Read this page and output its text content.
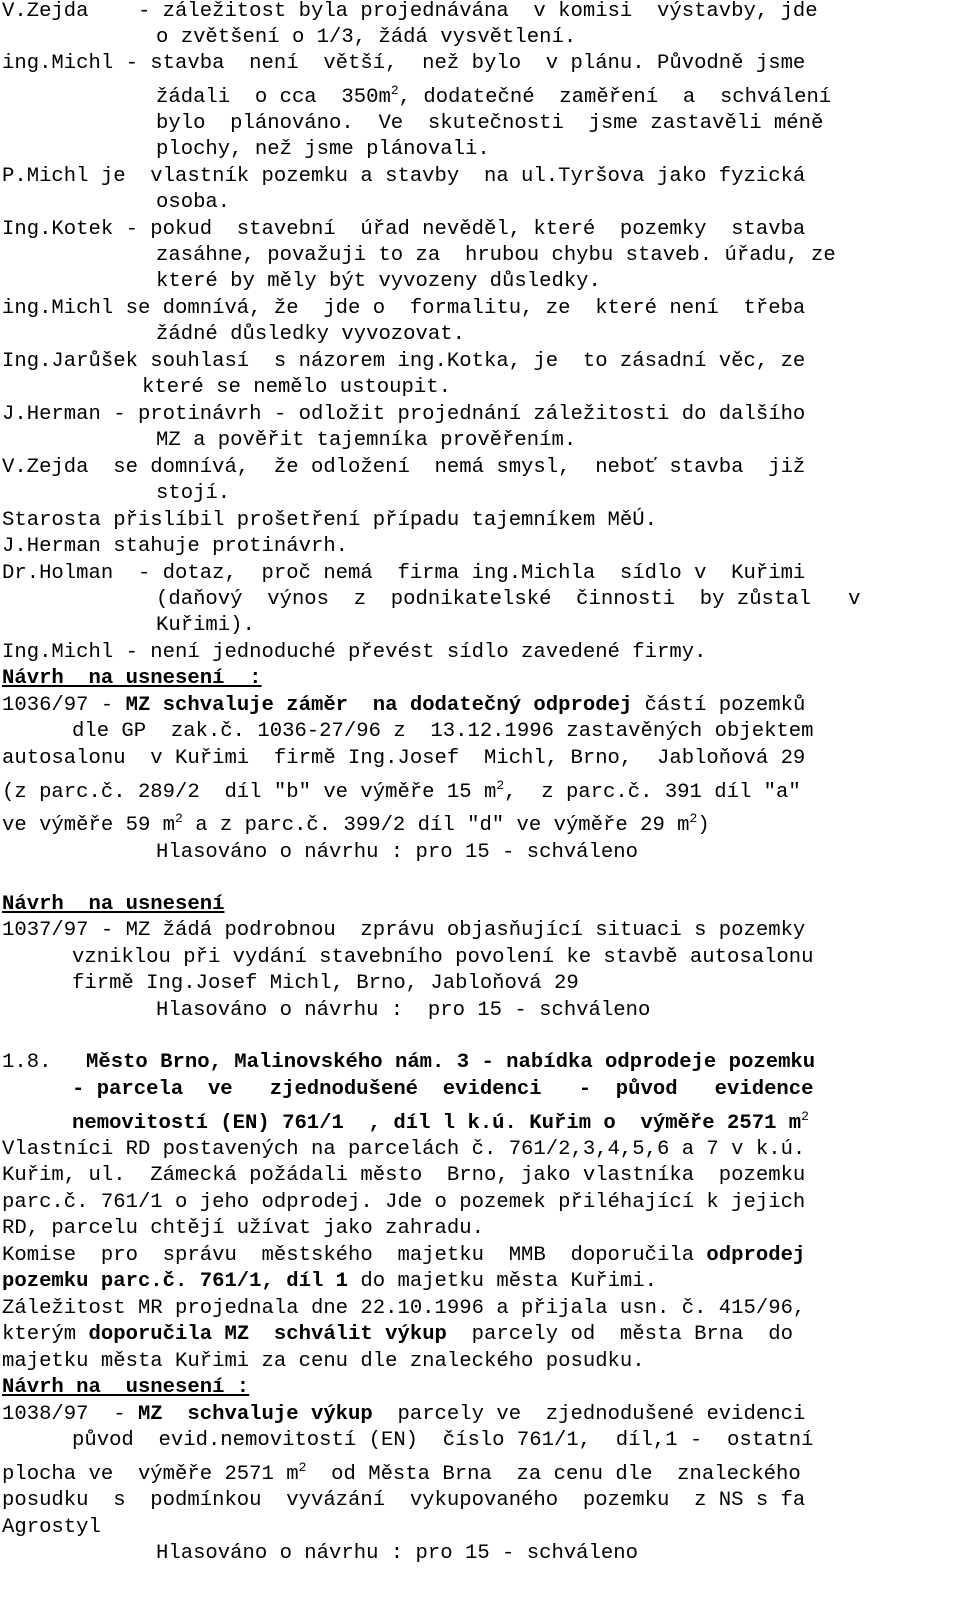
V.Zejda    - záležitost byla projednávána  v komisi  výstavby, jde
o zvětšení o 1/3, žádá vysvětlení.
ing.Michl - stavba  není  větší,  než bylo  v plánu. Původně jsme
žádali  o cca  $350m^2$, dodatečné  zaměření  a  schválení
bylo  plánováno.  Ve  skutečnosti  jsme zastavěli méně
plochy, než jsme plánovali.
P.Michl je  vlastník pozemku a stavby  na ul.Tyršova jako fyzická
osoba.
Ing.Kotek - pokud  stavební  úřad nevěděl, které  pozemky  stavba
zasáhne, považuji to za  hrubou chybu staveb. úřadu, ze
které by měly být vyvozeny důsledky.
ing.Michl se domnívá, že  jde o  formalitu, ze  které není  třeba
žádné důsledky vyvozovat.
Ing.Jarůšek souhlasí  s názorem ing.Kotka, je  to zásadní věc, ze
které se nemělo ustoupit.
J.Herman - protinávrh - odložit projednání záležitosti do dalšího
MZ a pověřit tajemníka prověřením.
V.Zejda  se domnívá,  že odložení  nemá smysl,  neboť stavba  již
stojí.
Starosta přislíbil prošetření případu tajemníkem MěÚ.
J.Herman stahuje protinávrh.
Dr.Holman  - dotaz,  proč nemá  firma ing.Michla  sídlo v  Kuřimi
(daňový  výnos  z  podnikatelské  činnosti  by zůstal   v
Kuřimi).
Ing.Michl - není jednoduché převést sídlo zavedené firmy.
Návrh  na usnesení  :
1036/97 - MZ schvaluje záměr  na dodatečný odprodej částí pozemků
dle GP  zak.č. 1036-27/96 z  13.12.1996 zastavěných objektem
autosalonu  v Kuřimi  firmě Ing.Josef  Michl, Brno,  Jabloňová 29
(z parc.č. 289/2  díl "b" ve výměře 15 $m^2$,  z parc.č. 391 díl "a"
ve výměře 59 $m^2$ a z parc.č. 399/2 díl "d" ve výměře 29 $m^2$)
Hlasováno o návrhu : pro 15 - schváleno
Návrh  na usnesení
1037/97 - MZ žádá podrobnou  zprávu objasňující situaci s pozemky
vzniklou při vydání stavebního povolení ke stavbě autosalonu
firmě Ing.Josef Michl, Brno, Jabloňová 29
Hlasováno o návrhu :  pro 15 - schváleno
1.8. Město Brno, Malinovského nám. 3 - nabídka odprodeje pozemku
- parcela  ve   zjednodušené  evidenci   -  původ   evidence
nemovitostí (EN) 761/1  , díl l k.ú. Kuřim o  výměře 2571 $m^2$
Vlastníci RD postavených na parcelách č. 761/2,3,4,5,6 a 7 v k.ú.
Kuřim, ul.  Zámecká požádali město  Brno, jako vlastníka  pozemku
parc.č. 761/1 o jeho odprodej. Jde o pozemek přiléhající k jejich
RD, parcelu chtějí užívat jako zahradu.
Komise  pro  správu  městského  majetku  MMB  doporučila odprodej
pozemku parc.č. 761/1, díl 1 do majetku města Kuřimi.
Záležitost MR projednala dne 22.10.1996 a přijala usn. č. 415/96,
kterým doporučila MZ  schválit výkup  parcely od  města Brna  do
majetku města Kuřimi za cenu dle znaleckého posudku.
Návrh na  usnesení :
1038/97  - MZ  schvaluje výkup  parcely ve  zjednodušené evidenci
původ  evid.nemovitostí (EN)  číslo 761/1,  díl,1 -  ostatní
plocha ve  výměře 2571 $m^2$  od Města Brna  za cenu dle  znaleckého
posudku  s  podmínkou  vyvázání  vykupovaného  pozemku  z NS s fa
Agrostyl
Hlasováno o návrhu : pro 15 - schváleno
